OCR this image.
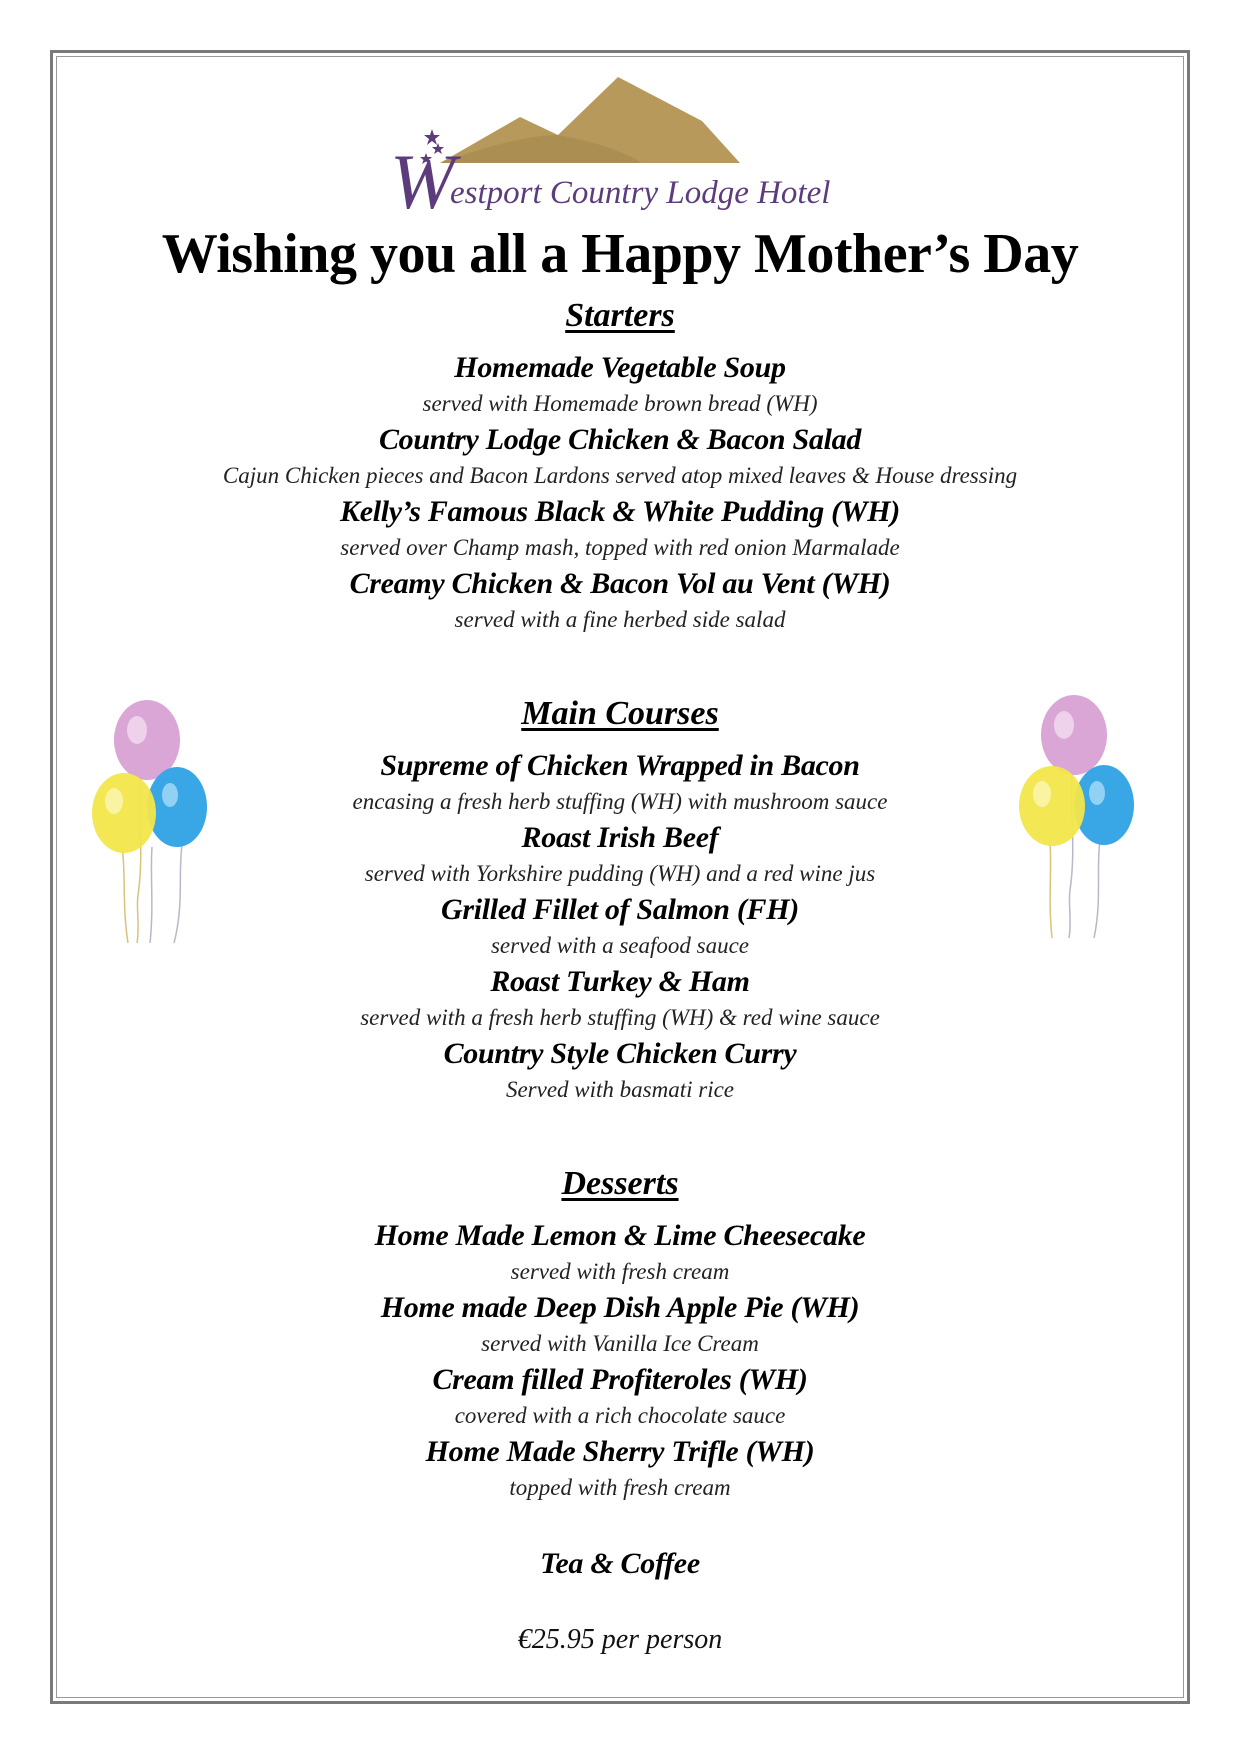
W
estport Country Lodge Hotel
Wishing you all a Happy Mother’s Day
Starters
Homemade Vegetable Soup
served with Homemade brown bread (WH)
Country Lodge Chicken & Bacon Salad
Cajun Chicken pieces and Bacon Lardons served atop mixed leaves & House dressing
Kelly’s Famous Black & White Pudding (WH)
served over Champ mash, topped with red onion Marmalade
Creamy Chicken & Bacon Vol au Vent (WH)
served with a fine herbed side salad
Main Courses
Supreme of Chicken Wrapped in Bacon
encasing a fresh herb stuffing (WH) with mushroom sauce
Roast Irish Beef
served with Yorkshire pudding (WH) and a red wine jus
Grilled Fillet of Salmon (FH)
served with a seafood sauce
Roast Turkey & Ham
served with a fresh herb stuffing (WH) & red wine sauce
Country Style Chicken Curry
Served with basmati rice
Desserts
Home Made Lemon & Lime Cheesecake
served with fresh cream
Home made Deep Dish Apple Pie (WH)
served with Vanilla Ice Cream
Cream filled Profiteroles (WH)
covered with a rich chocolate sauce
Home Made Sherry Trifle (WH)
topped with fresh cream
Tea & Coffee
€25.95 per person
